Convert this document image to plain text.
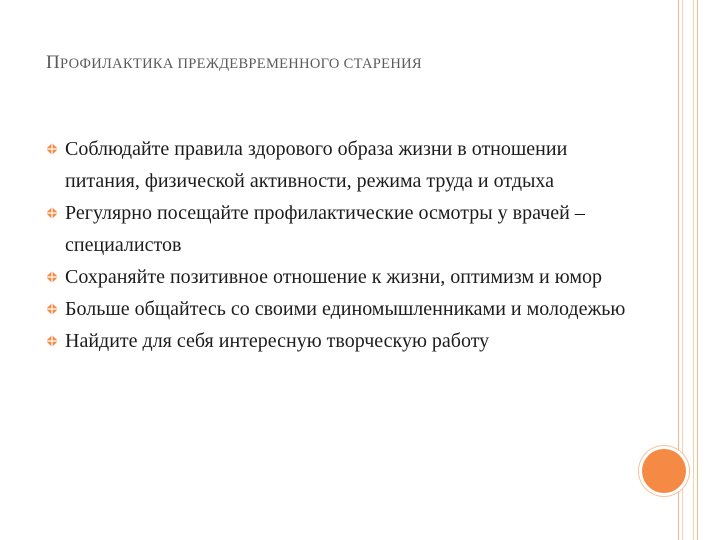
ПРОФИЛАКТИКА ПРЕЖДЕВРЕМЕННОГО СТАРЕНИЯ
Соблюдайте правила здорового образа жизни в отношении питания, физической активности, режима труда и отдыха
Регулярно посещайте профилактические осмотры у врачей – специалистов
Сохраняйте позитивное отношение к жизни, оптимизм и юмор
Больше общайтесь со своими единомышленниками и молодежью
Найдите для себя интересную творческую работу
